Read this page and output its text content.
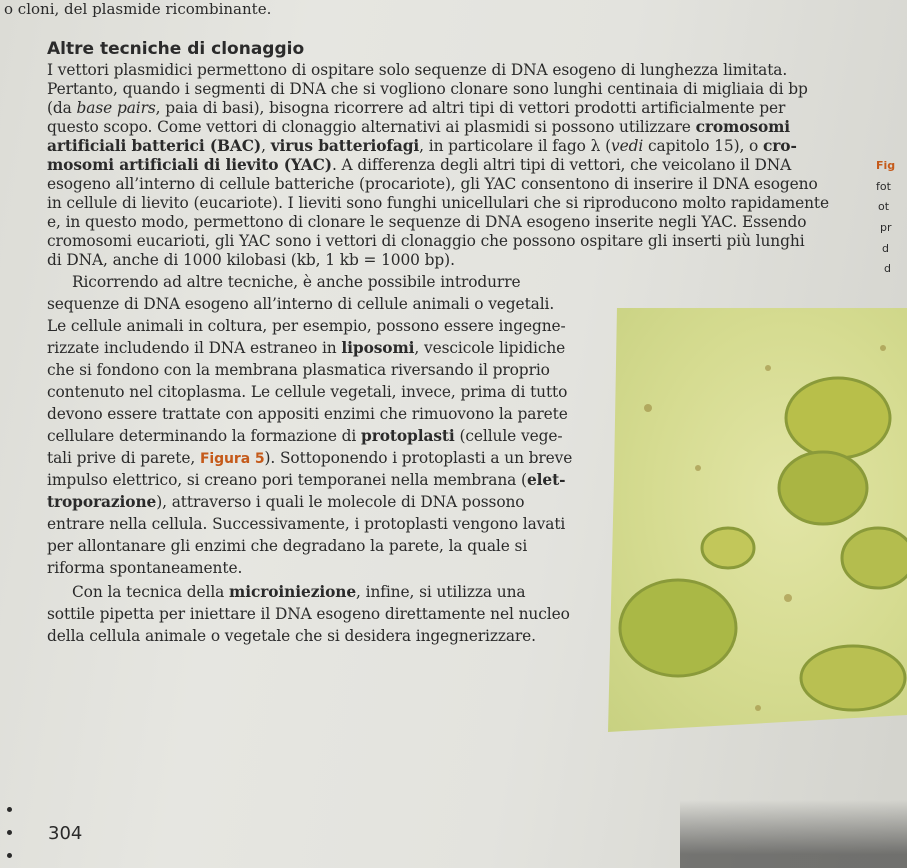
o cloni, del plasmide ricombinante.
Altre tecniche di clonaggio
I vettori plasmidici permettono di ospitare solo sequenze di DNA esogeno di lunghezza limitata.
Pertanto, quando i segmenti di DNA che si vogliono clonare sono lunghi centinaia di migliaia di bp
(da base pairs, paia di basi), bisogna ricorrere ad altri tipi di vettori prodotti artificialmente per
questo scopo. Come vettori di clonaggio alternativi ai plasmidi si possono utilizzare cromosomi
artificiali batterici (BAC), virus batteriofagi, in particolare il fago λ (vedi capitolo 15), o cro-
mosomi artificiali di lievito (YAC). A differenza degli altri tipi di vettori, che veicolano il DNA
esogeno all’interno di cellule batteriche (procariote), gli YAC consentono di inserire il DNA esogeno
in cellule di lievito (eucariote). I lieviti sono funghi unicellulari che si riproducono molto rapidamente
e, in questo modo, permettono di clonare le sequenze di DNA esogeno inserite negli YAC. Essendo
cromosomi eucarioti, gli YAC sono i vettori di clonaggio che possono ospitare gli inserti più lunghi
di DNA, anche di 1000 kilobasi (kb, 1 kb = 1000 bp).
Ricorrendo ad altre tecniche, è anche possibile introdurre
sequenze di DNA esogeno all’interno di cellule animali o vegetali.
Le cellule animali in coltura, per esempio, possono essere ingegne-
rizzate includendo il DNA estraneo in liposomi, vescicole lipidiche
che si fondono con la membrana plasmatica riversando il proprio
contenuto nel citoplasma. Le cellule vegetali, invece, prima di tutto
devono essere trattate con appositi enzimi che rimuovono la parete
cellulare determinando la formazione di protoplasti (cellule vege-
tali prive di parete, Figura 5). Sottoponendo i protoplasti a un breve
impulso elettrico, si creano pori temporanei nella membrana (elet-
troporazione), attraverso i quali le molecole di DNA possono
entrare nella cellula. Successivamente, i protoplasti vengono lavati
per allontanare gli enzimi che degradano la parete, la quale si
riforma spontaneamente.
Con la tecnica della microiniezione, infine, si utilizza una
sottile pipetta per iniettare il DNA esogeno direttamente nel nucleo
della cellula animale o vegetale che si desidera ingegnerizzare.
Fig
fot
ot
pr
d
d
304
